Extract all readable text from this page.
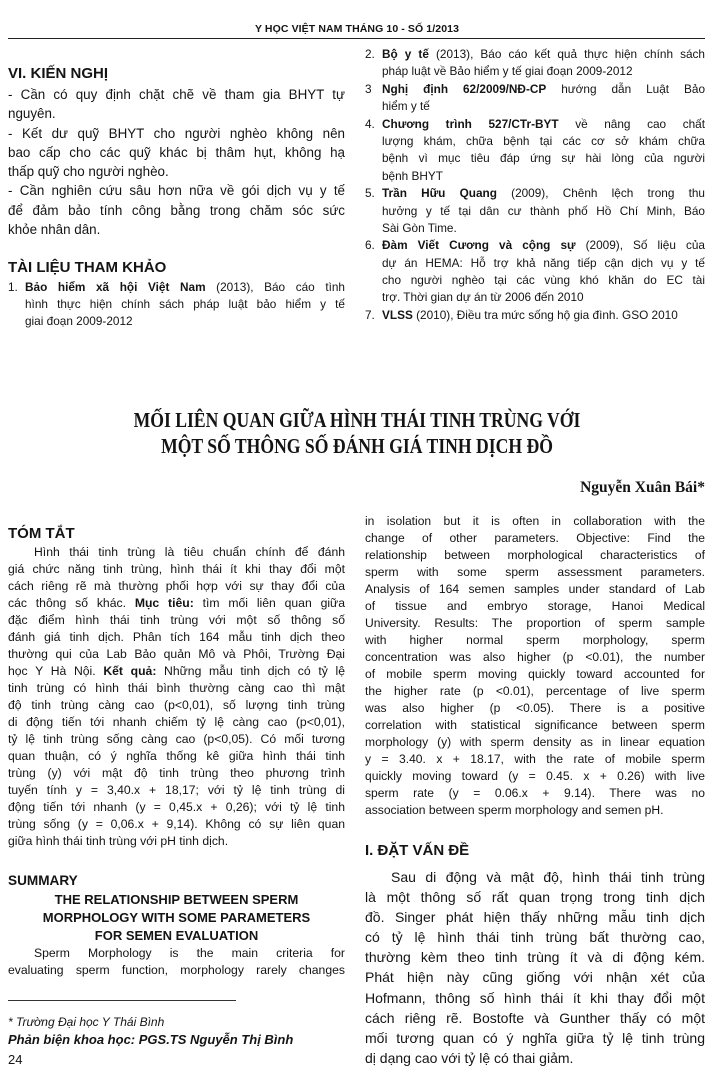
Y HỌC VIỆT NAM THÁNG 10 - SỐ 1/2013
VI. KIẾN NGHỊ
- Cần có quy định chặt chẽ về tham gia BHYT tự
nguyên.
- Kết dư quỹ BHYT cho người nghèo không nên
bao cấp cho các quỹ khác bị thâm hụt, không hạ
thấp quỹ cho người nghèo.
- Cần nghiên cứu sâu hơn nữa về gói dịch vụ y tế
để đảm bảo tính công bằng trong chăm sóc sức
khỏe nhân dân.
TÀI LIỆU THAM KHẢO
1. Bảo hiểm xã hội Việt Nam (2013), Báo cáo tình
hình thực hiện chính sách pháp luật bảo hiểm y tế
giai đoạn 2009-2012
2. Bộ y tế (2013), Báo cáo kết quả thực hiện chính sách
pháp luật về Bảo hiểm y tế giai đoạn 2009-2012
3 Nghị định 62/2009/NĐ-CP hướng dẫn Luật Bảo
hiểm y tế
4. Chương trình 527/CTr-BYT về nâng cao chất
lượng khám, chữa bệnh tại các cơ sở khám chữa
bệnh vì mục tiêu đáp ứng sự hài lòng của người
bệnh BHYT
5. Trần Hữu Quang (2009), Chênh lệch trong thu
hưởng y tế tại dân cư thành phố Hồ Chí Minh, Báo
Sài Gòn Time.
6. Đàm Viết Cương và cộng sự (2009), Số liệu của
dự án HEMA: Hỗ trợ khả năng tiếp cận dịch vụ y tế
cho người nghèo tại các vùng khó khăn do EC tài
trợ. Thời gian dự án từ 2006 đến 2010
7. VLSS (2010), Điều tra mức sống hộ gia đình. GSO 2010
MỐI LIÊN QUAN GIỮA HÌNH THÁI TINH TRÙNG VỚI
MỘT SỐ THÔNG SỐ ĐÁNH GIÁ TINH DỊCH ĐỒ
Nguyễn Xuân Bái*
TÓM TẮT
Hình thái tinh trùng là tiêu chuẩn chính để đánh
giá chức năng tinh trùng, hình thái ít khi thay đổi một
cách riêng rẽ mà thường phối hợp với sự thay đổi của
các thông số khác. Mục tiêu: tìm mối liên quan giữa
đặc điểm hình thái tinh trùng với một số thông số
đánh giá tinh dịch. Phân tích 164 mẫu tinh dịch theo
thường qui của Lab Bảo quản Mô và Phôi, Trường Đại
học Y Hà Nội. Kết quả: Những mẫu tinh dịch có tỷ lệ
tinh trùng có hình thái bình thường càng cao thì mật
độ tinh trùng càng cao (p<0,01), số lượng tinh trùng
di động tiến tới nhanh chiếm tỷ lệ càng cao (p<0,01),
tỷ lệ tinh trùng sống càng cao (p<0,05). Có mối tương
quan thuận, có ý nghĩa thống kê giữa hình thái tinh
trùng (y) với mật độ tinh trùng theo phương trình
tuyến tính y = 3,40.x + 18,17; với tỷ lệ tinh trùng di
động tiến tới nhanh (y = 0,45.x + 0,26); với tỷ lệ tinh
trùng sống (y = 0,06.x + 9,14). Không có sự liên quan
giữa hình thái tinh trùng với pH tinh dịch.
SUMMARY
THE RELATIONSHIP BETWEEN SPERM
MORPHOLOGY WITH SOME PARAMETERS
FOR SEMEN EVALUATION
Sperm Morphology is the main criteria for
evaluating sperm function, morphology rarely changes
in isolation but it is often in collaboration with the
change of other parameters. Objective: Find the
relationship between morphological characteristics of
sperm with some sperm assessment parameters.
Analysis of 164 semen samples under standard of Lab
of tissue and embryo storage, Hanoi Medical
University. Results: The proportion of sperm sample
with higher normal sperm morphology, sperm
concentration was also higher (p <0.01), the number
of mobile sperm moving quickly toward accounted for
the higher rate (p <0.01), percentage of live sperm
was also higher (p <0.05). There is a positive
correlation with statistical significance between sperm
morphology (y) with sperm density as in linear equation
y = 3.40. x + 18.17, with the rate of mobile sperm
quickly moving toward (y = 0.45. x + 0.26) with live
sperm rate (y = 0.06.x + 9.14). There was no
association between sperm morphology and semen pH.
I. ĐẶT VẤN ĐỀ
Sau di động và mật độ, hình thái tinh trùng
là một thông số rất quan trọng trong tinh dịch
đồ. Singer phát hiện thấy những mẫu tinh dịch
có tỷ lệ hình thái tinh trùng bất thường cao,
thường kèm theo tinh trùng ít và di động kém.
Phát hiện này cũng giống với nhận xét của
Hofmann, thông số hình thái ít khi thay đổi một
cách riêng rẽ. Bostofte và Gunther thấy có một
mối tương quan có ý nghĩa giữa tỷ lệ tinh trùng
dị dạng cao với tỷ lệ có thai giảm.
* Trường Đại học Y Thái Bình
Phản biện khoa học: PGS.TS Nguyễn Thị Bình
24
